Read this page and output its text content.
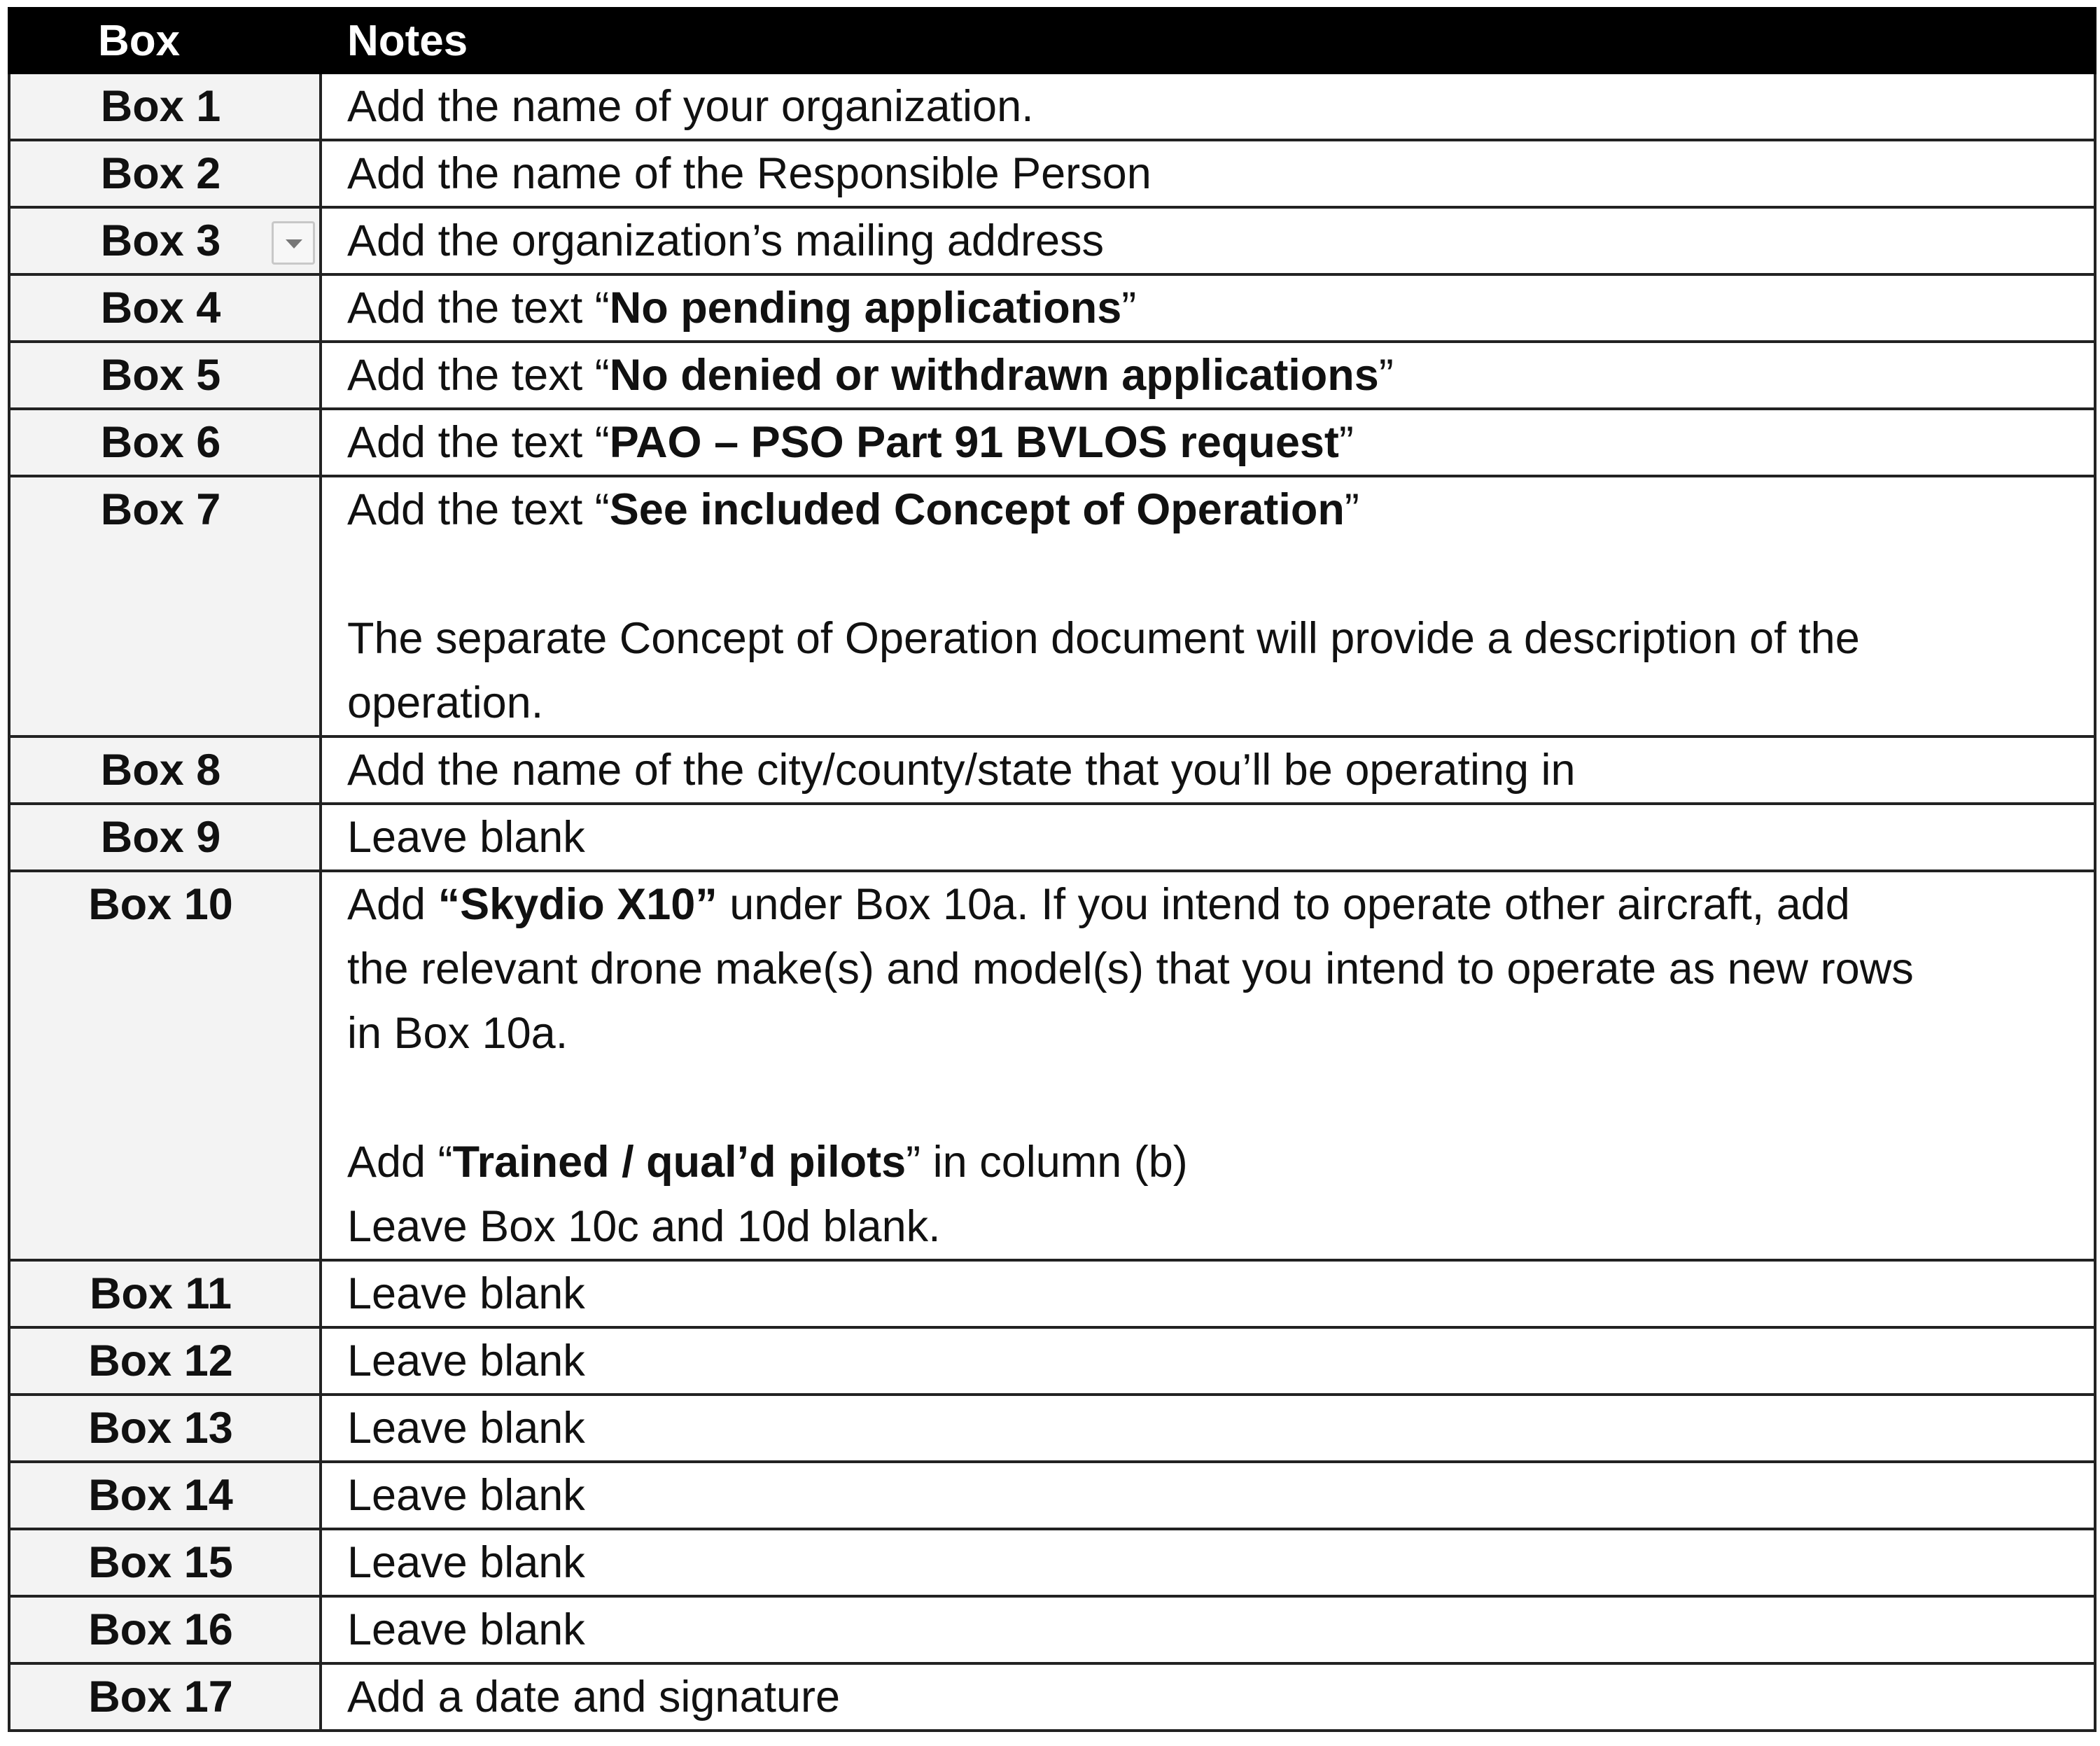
Box	Notes
Box 1	Add the name of your organization.

Box 2	Add the name of the Responsible Person

Box 3	Add the organization’s mailing address

Box 4	Add the text “No pending applications”

Box 5	Add the text “No denied or withdrawn applications”

Box 6	Add the text “PAO – PSO Part 91 BVLOS request”

Box 7	Add the text “See included Concept of Operation”
The separate Concept of Operation document will provide a description of the
operation.

Box 8	Add the name of the city/county/state that you’ll be operating in

Box 9	Leave blank

Box 10	Add “Skydio X10” under Box 10a. If you intend to operate other aircraft, add
the relevant drone make(s) and model(s) that you intend to operate as new rows
in Box 10a.
Add “Trained / qual’d pilots” in column (b)
Leave Box 10c and 10d blank.

Box 11	Leave blank

Box 12	Leave blank

Box 13	Leave blank

Box 14	Leave blank

Box 15	Leave blank

Box 16	Leave blank

Box 17	Add a date and signature
